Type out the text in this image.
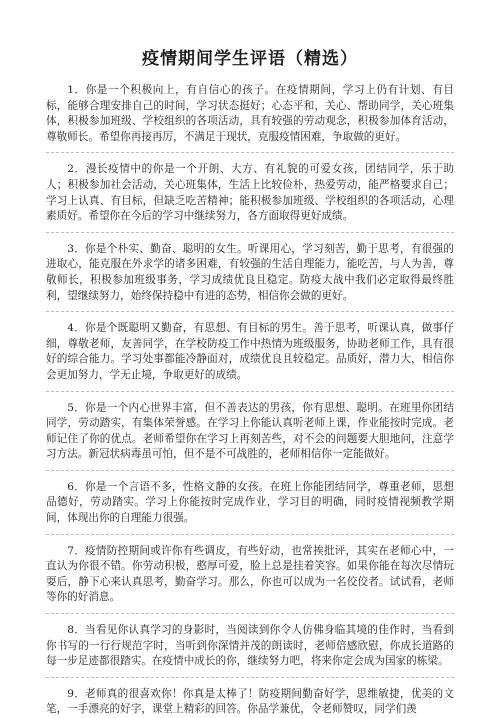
疫情期间学生评语（精选）

1．你是一个积极向上，有自信心的孩子。在疫情期间，学习上仍有计划、有目标，能够合理安排自己的时间，学习状态挺好；心态平和，关心、帮助同学，关心班集体，积极参加班级、学校组织的各项活动，具有较强的劳动观念，积极参加体育活动，尊敬师长。希望你再接再厉，不满足于现状，克服疫情困难，争取做的更好。

2．漫长疫情中的你是一个开朗、大方、有礼貌的可爱女孩，团结同学，乐于助人；积极参加社会活动，关心班集体，生活上比较俭朴，热爱劳动，能严格要求自己；学习上认真、有目标，但缺乏吃苦精神；能积极参加班级、学校组织的各项活动，心理素质好。希望你在今后的学习中继续努力，各方面取得更好成绩。

3．你是个朴实、勤奋、聪明的女生。听课用心，学习刻苦，勤于思考，有很强的进取心，能克服在外求学的诸多困难，有较强的生活自理能力，能吃苦，与人为善，尊敬师长，积极参加班级事务，学习成绩优良且稳定。防疫大战中我们必定取得最终胜利，望继续努力，始终保持稳中有进的态势，相信你会做的更好。

4．你是个既聪明又勤奋，有思想、有目标的男生。善于思考，听课认真，做事仔细，尊敬老师，友善同学，在学校防疫工作中热情为班级服务，协助老师工作，具有很好的综合能力。学习处事都能冷静面对，成绩优良且较稳定。品质好，潜力大，相信你会更加努力，学无止境，争取更好的成绩。

5．你是一个内心世界丰富，但不善表达的男孩，你有思想、聪明。在班里你团结同学，劳动踏实，有集体荣誉感。在学习上你能认真听老师上课，作业能按时完成。老师记住了你的优点。老师希望你在学习上再刻苦些，对不会的问题要大胆地问，注意学习方法。新冠状病毒虽可怕，但不是不可战胜的，老师相信你一定能做好。

6．你是一个言语不多，性格文静的女孩。在班上你能团结同学，尊重老师，思想品德好，劳动踏实。学习上你能按时完成作业，学习目的明确，同时疫情视频教学期间，体现出你的自理能力很强。

7．疫情防控期间或许你有些调皮，有些好动，也常挨批评，其实在老师心中，一直认为你很不错。你劳动积极，憨厚可爱，脸上总是挂着笑容。如果你能在每次尽情玩耍后，静下心来认真思考，勤奋学习。那么，你也可以成为一名佼佼者。试试看，老师等你的好消息。

8．当看见你认真学习的身影时，当阅读到你令人仿佛身临其境的佳作时，当看到你书写的一行行规范字时，当听到你深情并茂的朗读时，老师倍感欣慰，你成长道路的每一步足迹都很踏实。在疫情中成长的你，继续努力吧，将来你定会成为国家的栋梁。

9．老师真的很喜欢你！你真是太棒了！防疫期间勤奋好学，思维敏捷，优美的文笔，一手漂亮的好字，课堂上精彩的回答。你品学兼优，令老师赞叹，同学们羡
